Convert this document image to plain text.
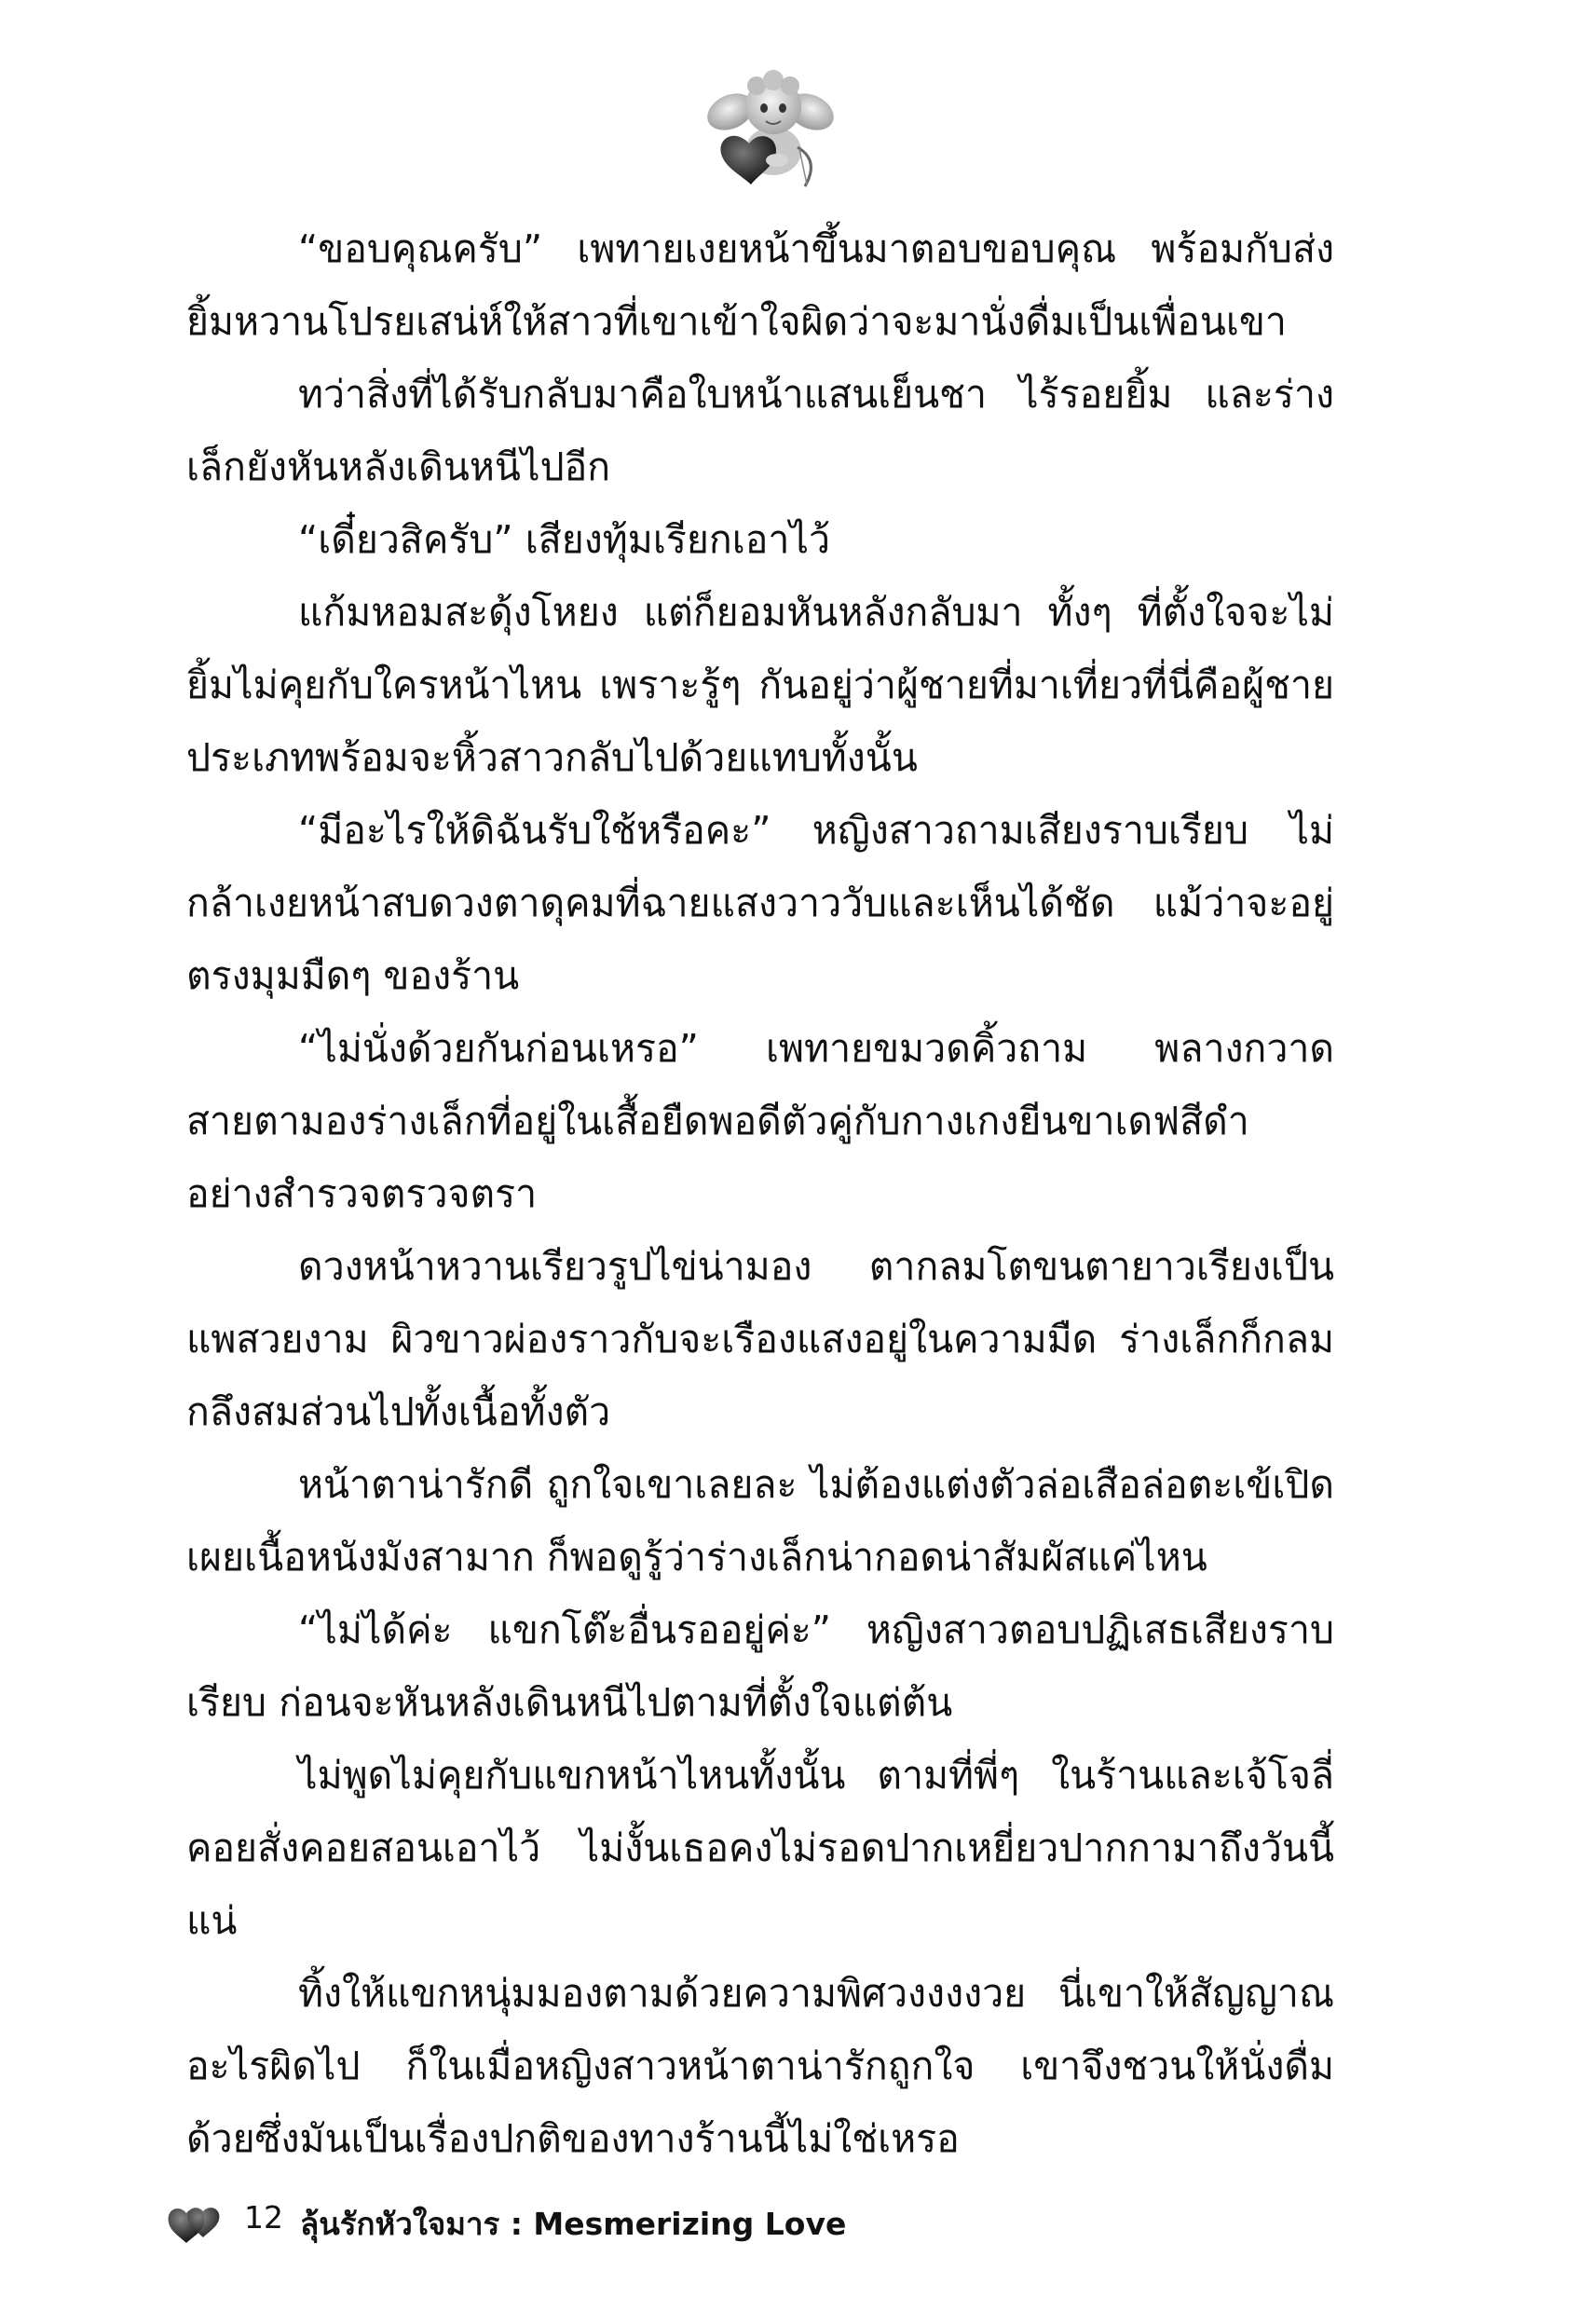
“ขอบคุณครับ” เพทายเงยหน้าขึ้นมาตอบขอบคุณ พร้อมกับส่งยิ้มหวานโปรยเสน่ห์ให้สาวที่เขาเข้าใจผิดว่าจะมานั่งดื่มเป็นเพื่อนเขา

ทว่าสิ่งที่ได้รับกลับมาคือใบหน้าแสนเย็นชา ไร้รอยยิ้ม และร่างเล็กยังหันหลังเดินหนีไปอีก

“เดี๋ยวสิครับ” เสียงทุ้มเรียกเอาไว้

แก้มหอมสะดุ้งโหยง แต่ก็ยอมหันหลังกลับมา ทั้งๆ ที่ตั้งใจจะไม่ยิ้มไม่คุยกับใครหน้าไหน เพราะรู้ๆ กันอยู่ว่าผู้ชายที่มาเที่ยวที่นี่คือผู้ชายประเภทพร้อมจะหิ้วสาวกลับไปด้วยแทบทั้งนั้น

“มีอะไรให้ดิฉันรับใช้หรือคะ” หญิงสาวถามเสียงราบเรียบ ไม่กล้าเงยหน้าสบดวงตาดุคมที่ฉายแสงวาววับและเห็นได้ชัด แม้ว่าจะอยู่ตรงมุมมืดๆ ของร้าน

“ไม่นั่งด้วยกันก่อนเหรอ” เพทายขมวดคิ้วถาม พลางกวาดสายตามองร่างเล็กที่อยู่ในเสื้อยืดพอดีตัวคู่กับกางเกงยีนขาเดฟสีดำอย่างสำรวจตรวจตรา

ดวงหน้าหวานเรียวรูปไข่น่ามอง ตากลมโตขนตายาวเรียงเป็นแพสวยงาม ผิวขาวผ่องราวกับจะเรืองแสงอยู่ในความมืด ร่างเล็กก็กลมกลึงสมส่วนไปทั้งเนื้อทั้งตัว

หน้าตาน่ารักดี ถูกใจเขาเลยละ ไม่ต้องแต่งตัวล่อเสือล่อตะเข้เปิดเผยเนื้อหนังมังสามาก ก็พอดูรู้ว่าร่างเล็กน่ากอดน่าสัมผัสแค่ไหน

“ไม่ได้ค่ะ แขกโต๊ะอื่นรออยู่ค่ะ” หญิงสาวตอบปฏิเสธเสียงราบเรียบ ก่อนจะหันหลังเดินหนีไปตามที่ตั้งใจแต่ต้น

ไม่พูดไม่คุยกับแขกหน้าไหนทั้งนั้น ตามที่พี่ๆ ในร้านและเจ้โจลี่คอยสั่งคอยสอนเอาไว้ ไม่งั้นเธอคงไม่รอดปากเหยี่ยวปากกามาถึงวันนี้แน่

ทิ้งให้แขกหนุ่มมองตามด้วยความพิศวงงงงวย นี่เขาให้สัญญาณอะไรผิดไป ก็ในเมื่อหญิงสาวหน้าตาน่ารักถูกใจ เขาจึงชวนให้นั่งดื่มด้วยซึ่งมันเป็นเรื่องปกติของทางร้านนี้ไม่ใช่เหรอ

12 ลุ้นรักหัวใจมาร : Mesmerizing Love
